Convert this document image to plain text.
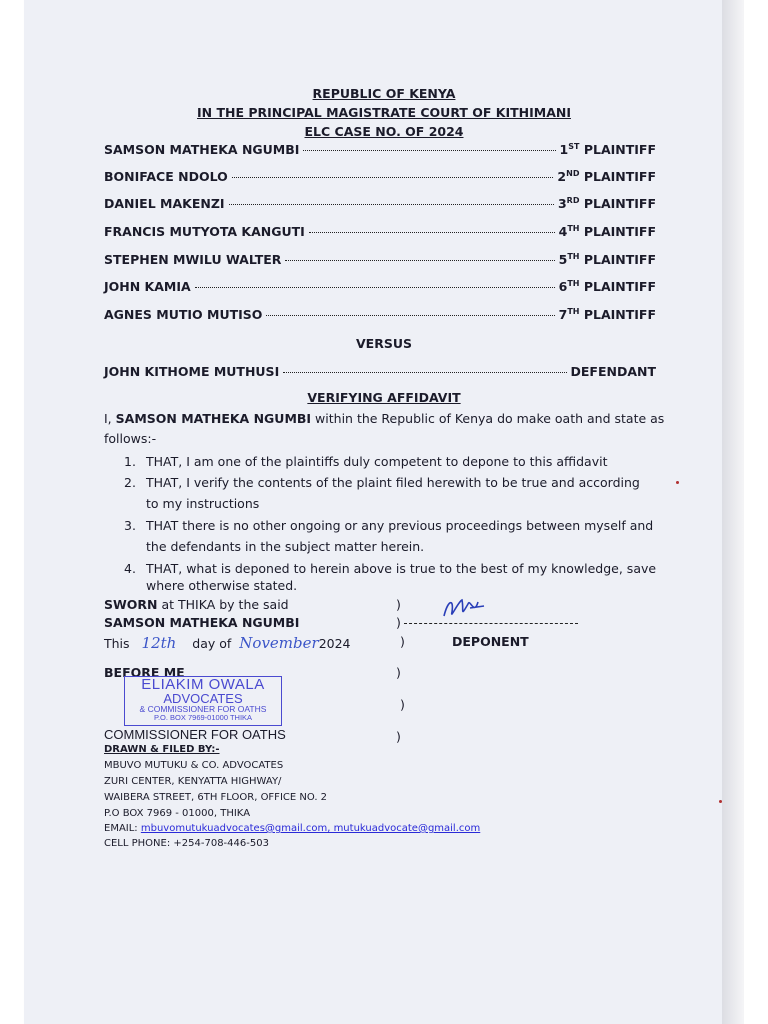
REPUBLIC OF KENYA
IN THE PRINCIPAL MAGISTRATE COURT OF KITHIMANI
ELC CASE NO. OF 2024
SAMSON MATHEKA NGUMBI	1ST PLAINTIFF
BONIFACE NDOLO	2ND PLAINTIFF
DANIEL MAKENZI	3RD PLAINTIFF
FRANCIS MUTYOTA KANGUTI	4TH PLAINTIFF
STEPHEN MWILU WALTER	5TH PLAINTIFF
JOHN KAMIA	6TH PLAINTIFF
AGNES MUTIO MUTISO	7TH PLAINTIFF
VERSUS
JOHN KITHOME MUTHUSI	DEFENDANT
VERIFYING AFFIDAVIT
I, SAMSON MATHEKA NGUMBI within the Republic of Kenya do make oath and state as
follows:-
1. THAT, I am one of the plaintiffs duly competent to depone to this affidavit
2. THAT, I verify the contents of the plaint filed herewith to be true and according
to my instructions
3. THAT there is no other ongoing or any previous proceedings between myself and
the defendants in the subject matter herein.
4. THAT, what is deponed to herein above is true to the best of my knowledge, save
where otherwise stated.
SWORN at THIKA by the said
SAMSON MATHEKA NGUMBI
This 12th day of November2024
)
)
)	DEPONENT
BEFORE ME	)
)
)
ELIAKIM OWALA
ADVOCATES
& COMMISSIONER FOR OATHS
P.O. BOX 7969-01000 THIKA
COMMISSIONER FOR OATHS
DRAWN & FILED BY:-
MBUVO MUTUKU & CO. ADVOCATES
ZURI CENTER, KENYATTA HIGHWAY/
WAIBERA STREET, 6TH FLOOR, OFFICE NO. 2
P.O BOX 7969 - 01000, THIKA
EMAIL: mbuvomutukuadvocates@gmail.com, mutukuadvocate@gmail.com
CELL PHONE: +254-708-446-503
